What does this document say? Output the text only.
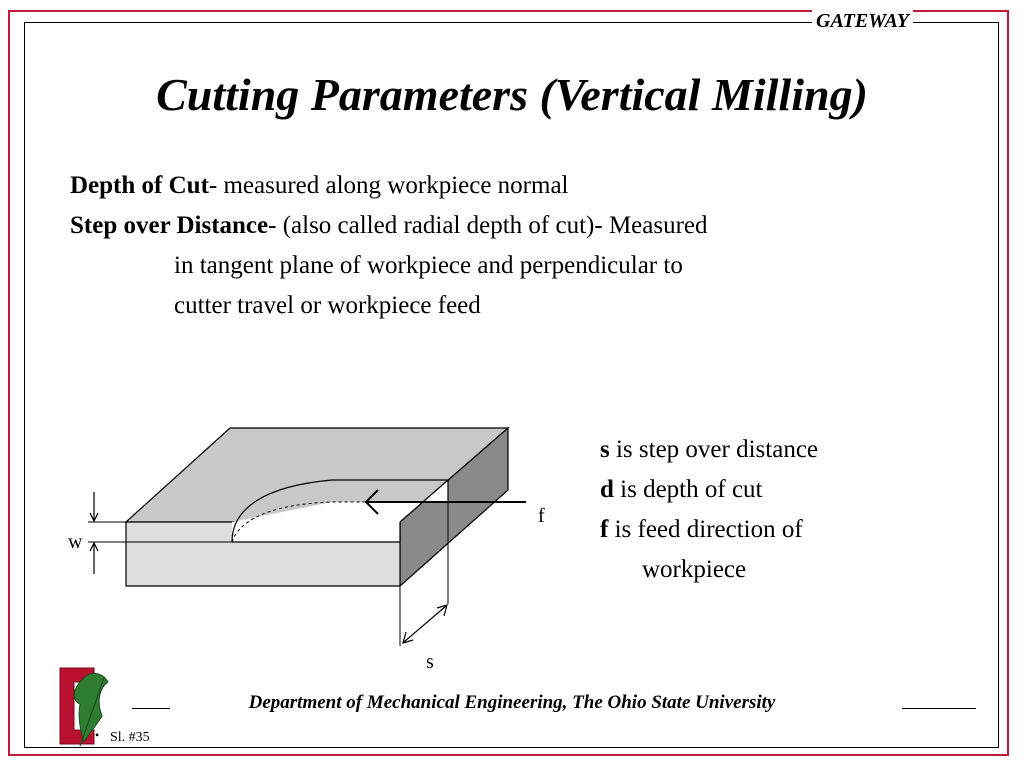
GATEWAY
Cutting Parameters (Vertical Milling)
Depth of Cut- measured along workpiece normal
Step over Distance- (also called radial depth of cut)- Measured
in tangent plane of workpiece and perpendicular to
cutter travel or workpiece feed
f
w
s
s is step over distance
d is depth of cut
f is feed direction of
workpiece
Department of Mechanical Engineering, The Ohio State University
• Sl. #35
